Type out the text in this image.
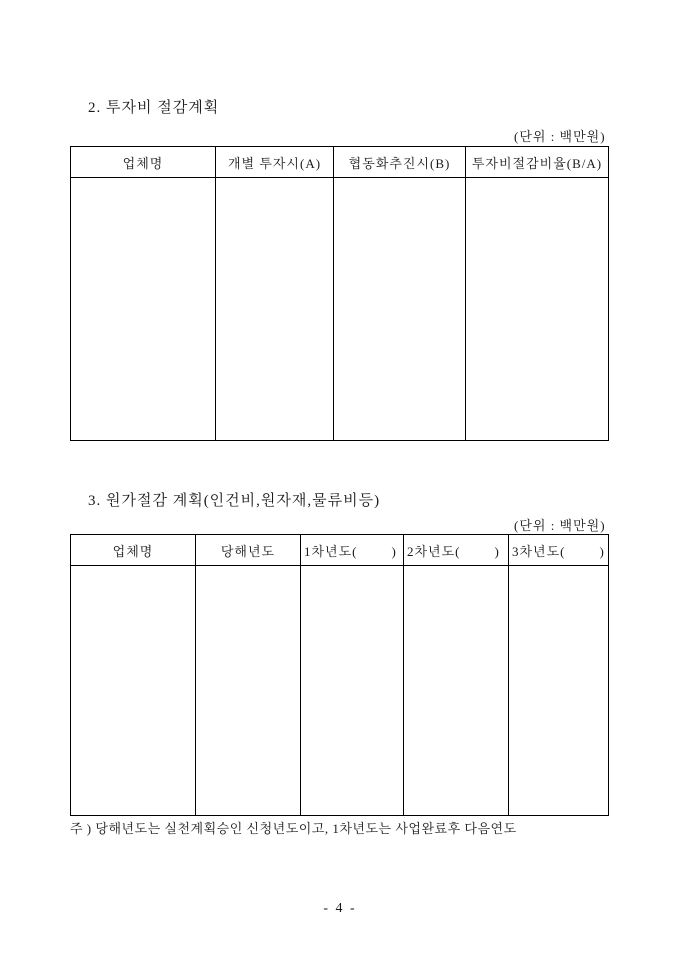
2. 투자비 절감계획
(단위 : 백만원)
업체명	개별 투자시(A)	협동화추진시(B)	투자비절감비율(B/A)

3. 원가절감 계획(인건비,원자재,물류비등)
(단위 : 백만원)
업체명	당해년도	1차년도(        )	2차년도(        )	3차년도(        )

주 ) 당해년도는 실천계획승인 신청년도이고, 1차년도는 사업완료후 다음연도
- 4 -
